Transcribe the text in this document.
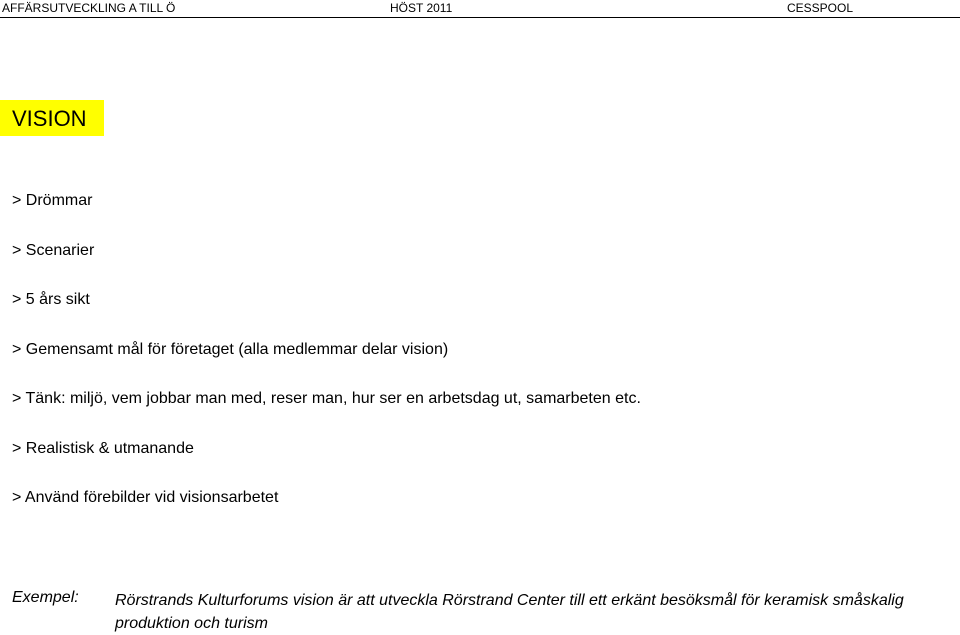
AFFÄRSUTVECKLING A TILL Ö	HÖST 2011	CESSPOOL
VISION
> Drömmar
> Scenarier
> 5 års sikt
> Gemensamt mål för företaget (alla medlemmar delar vision)
> Tänk: miljö, vem jobbar man med, reser man, hur ser en arbetsdag ut, samarbeten etc.
> Realistisk & utmanande
> Använd förebilder vid visionsarbetet
Exempel: Rörstrands Kulturforums vision är att utveckla Rörstrand Center till ett erkänt besöksmål för keramisk småskalig produktion och turism
